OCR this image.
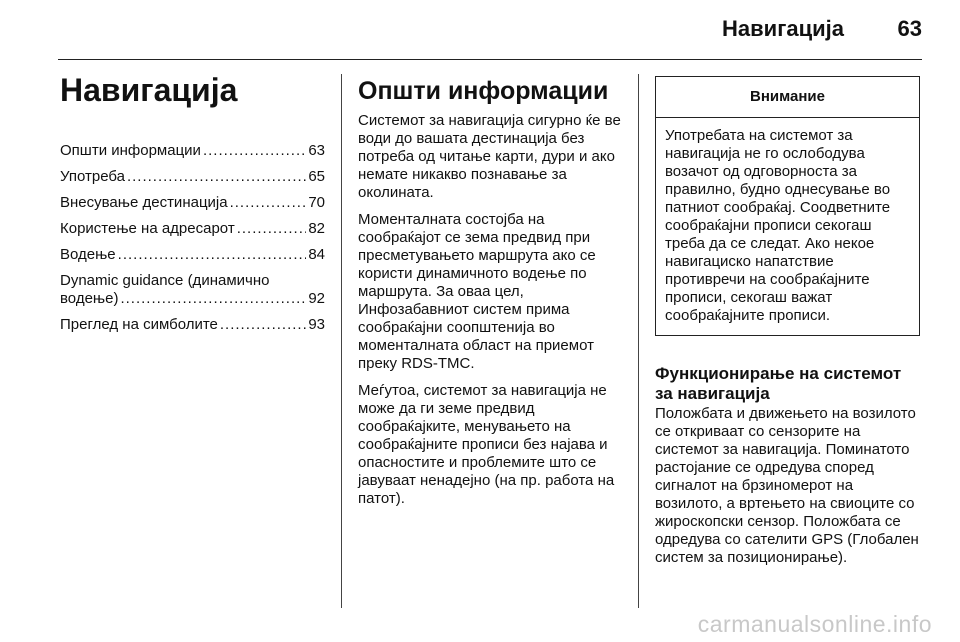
Навигација 63
Навигација
Општи информации .....	63
Употреба .....	65
Внесување дестинација .....	70
Користење на адресарот .....	82
Водење .....	84
Dynamic guidance (динамично
водење) .....	92
Преглед на симболите .....	93
Општи информации

Системот за навигација сигурно ќе ве води до вашата дестинација без потреба од читање карти, дури и ако немате никакво познавање за околината.

Моменталната состојба на сообраќајот се зема предвид при пресметувањето маршрута ако се користи динамичното водење по маршрута. За оваа цел, Инфозабавниот систем прима сообраќајни соопштенија во моменталната област на приемот преку RDS-TMC.

Меѓутоа, системот за навигација не може да ги земе предвид сообраќајките, менувањето на сообраќајните прописи без најава и опасностите и проблемите што се јавуваат ненадејно (на пр. работа на патот).

Внимание
Употребата на системот за навигација не го ослободува возачот од одговорноста за правилно, будно однесување во патниот сообраќај. Соодветните сообраќајни прописи секогаш треба да се следат. Ако некое навигациско напатствие противречи на сообраќајните прописи, секогаш важат сообраќајните прописи.
Функционирање на системот за навигација

Положбата и движењето на возилото се откриваат со сензорите на системот за навигација. Поминатото растојание се одредува според сигналот на брзиномерот на возилото, а вртењето на свиоците со жироскопски сензор. Положбата се одредува со сателити GPS (Глобален систем за позиционирање).

carmanualsonline.info
